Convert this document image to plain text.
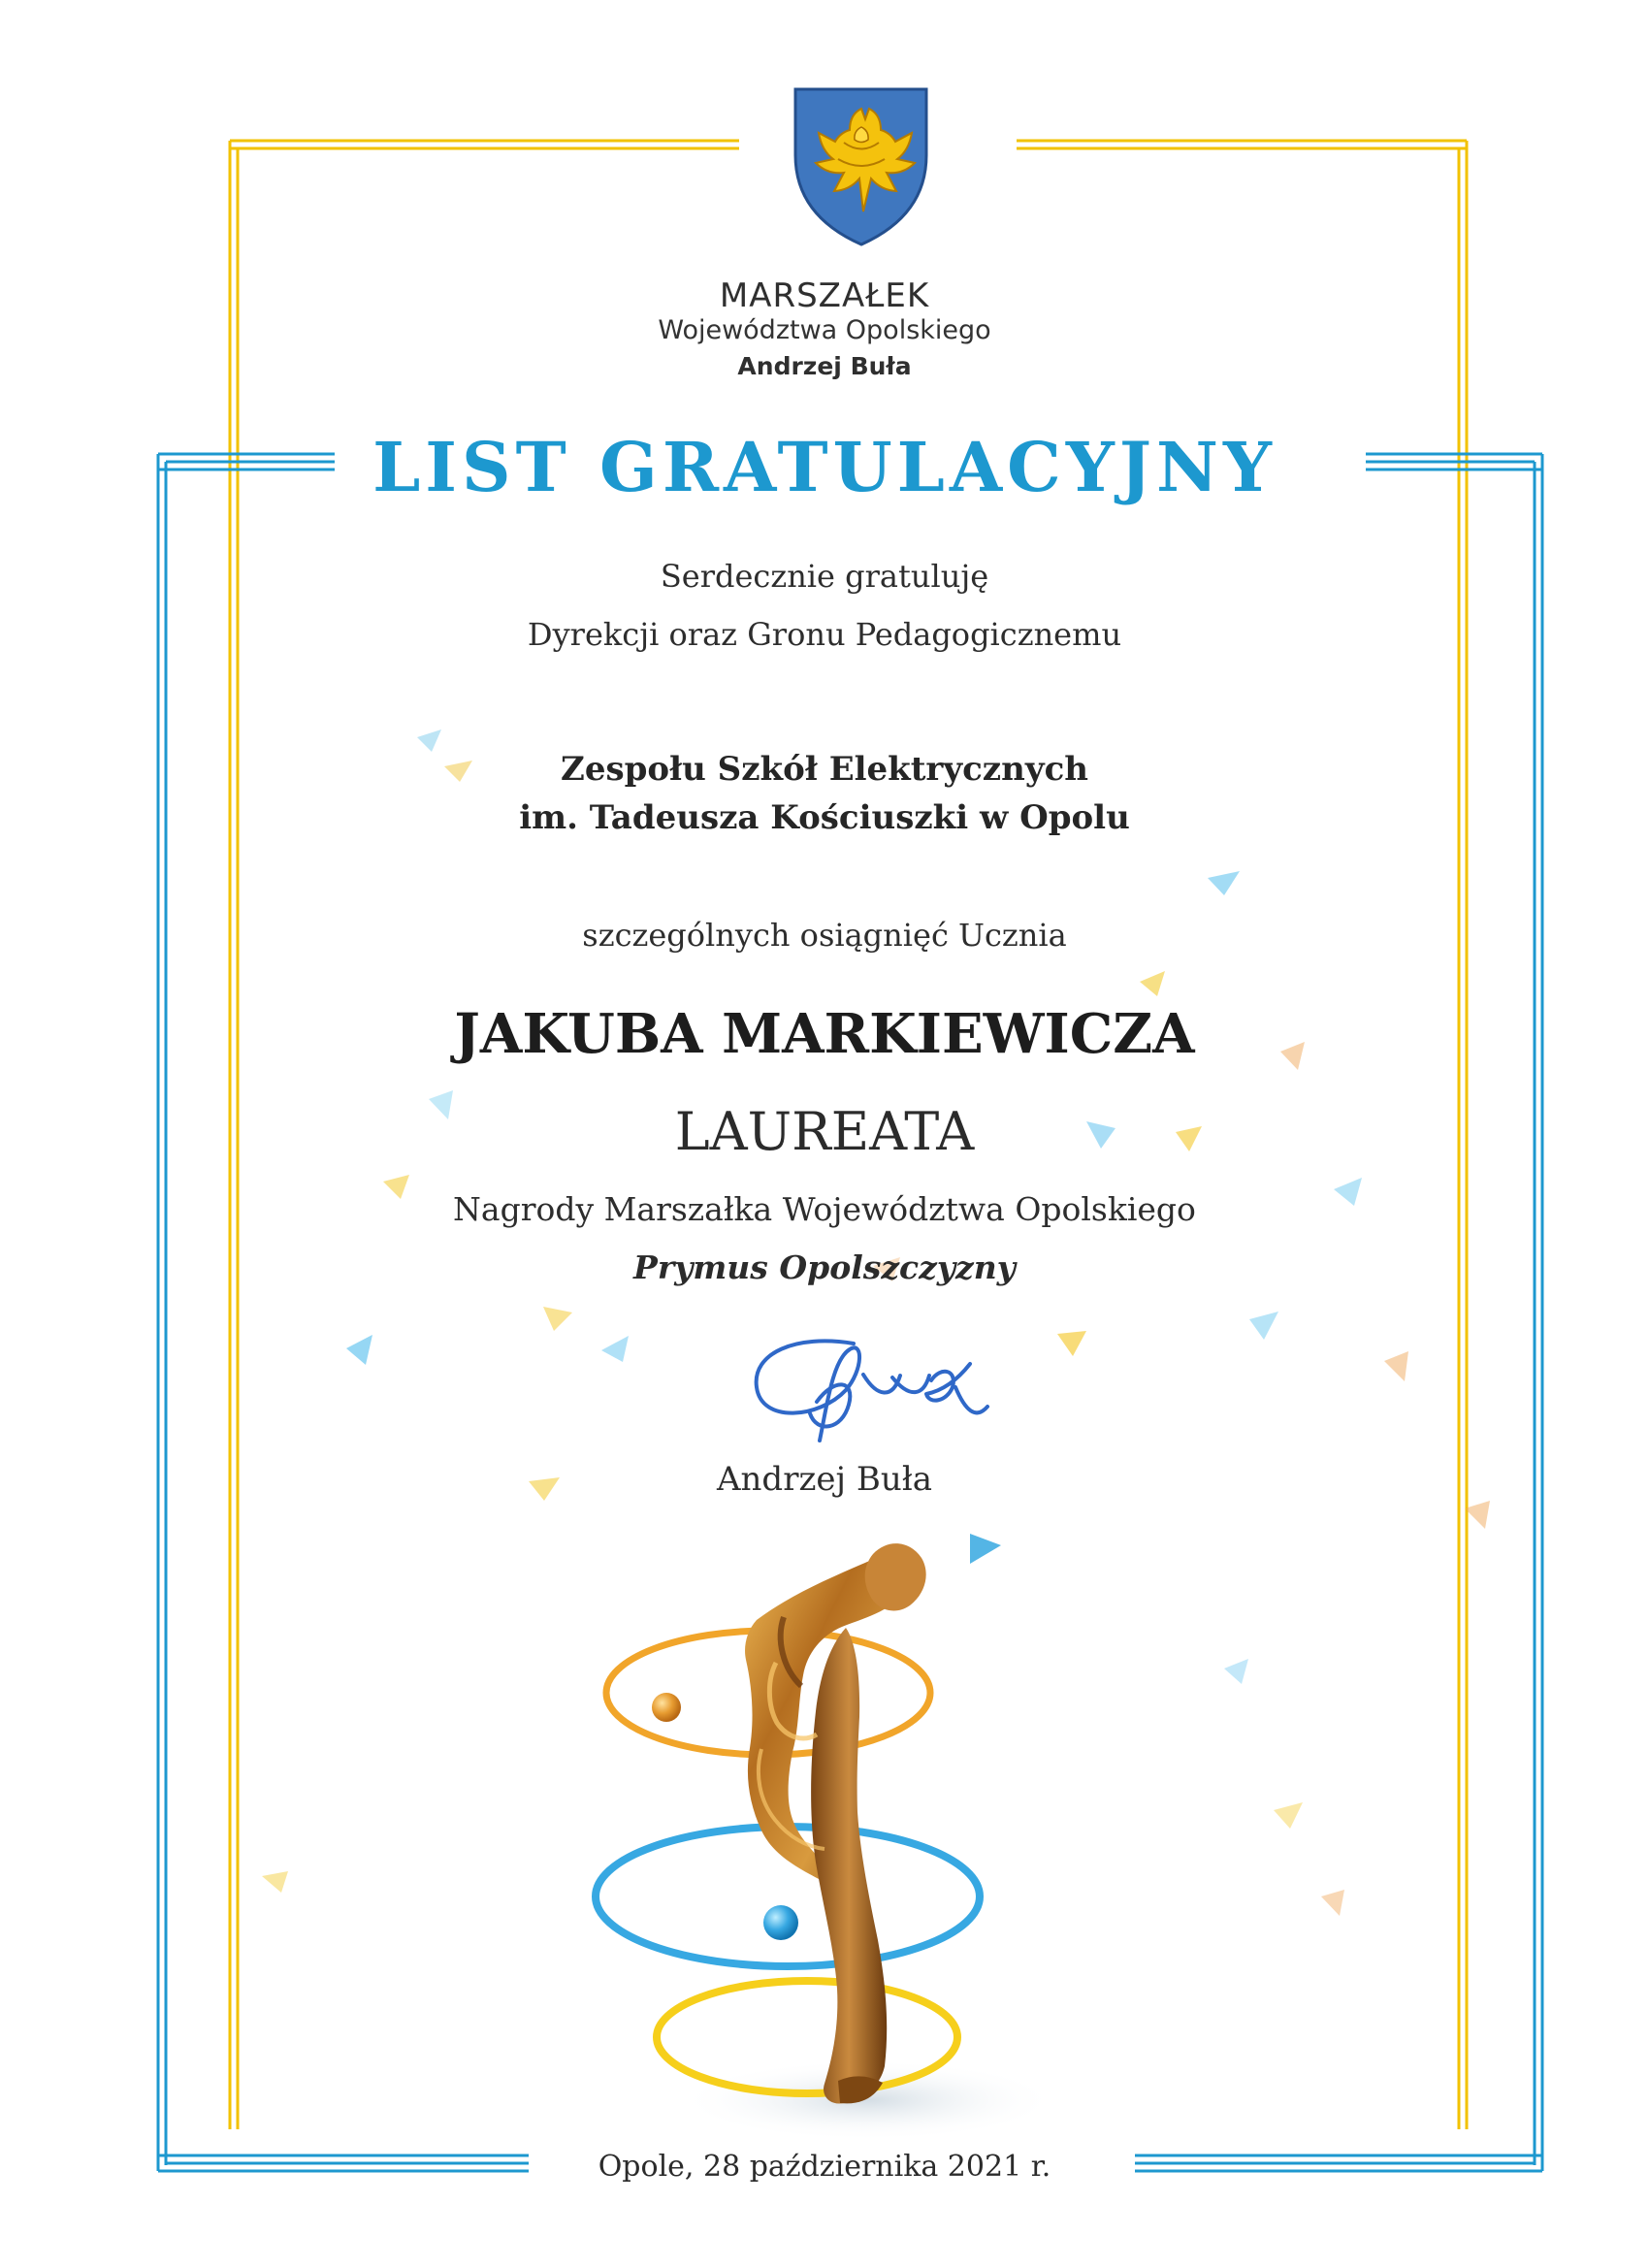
MARSZAŁEK
Województwa Opolskiego
Andrzej Buła
LIST GRATULACYJNY
Serdecznie gratuluję
Dyrekcji oraz Gronu Pedagogicznemu
Zespołu Szkół Elektrycznych
im. Tadeusza Kościuszki w Opolu
szczególnych osiągnięć Ucznia
JAKUBA MARKIEWICZA
LAUREATA
Nagrody Marszałka Województwa Opolskiego
Prymus Opolszczyzny
Andrzej Buła
Opole, 28 października 2021 r.
